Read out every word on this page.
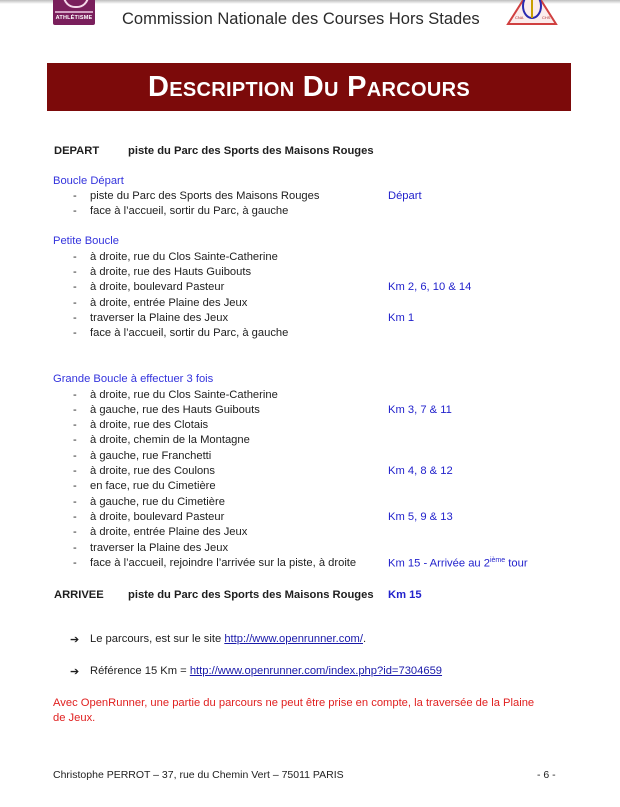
ATHLÉTISME Commission Nationale des Courses Hors Stades	CNA	CHS
Description Du Parcours
DEPART	piste du Parc des Sports des Maisons Rouges
Boucle Départ
- piste du Parc des Sports des Maisons Rouges	Départ
- face à l’accueil, sortir du Parc, à gauche
Petite Boucle
- à droite, rue du Clos Sainte-Catherine
- à droite, rue des Hauts Guibouts
- à droite, boulevard Pasteur	Km 2, 6, 10 & 14
- à droite, entrée Plaine des Jeux
- traverser la Plaine des Jeux	Km 1
- face à l’accueil, sortir du Parc, à gauche
Grande Boucle à effectuer 3 fois
- à droite, rue du Clos Sainte-Catherine
- à gauche, rue des Hauts Guibouts	Km 3, 7 & 11
- à droite, rue des Clotais
- à droite, chemin de la Montagne
- à gauche, rue Franchetti
- à droite, rue des Coulons	Km 4, 8 & 12
- en face, rue du Cimetière
- à gauche, rue du Cimetière
- à droite, boulevard Pasteur	Km 5, 9 & 13
- à droite, entrée Plaine des Jeux
- traverser la Plaine des Jeux
- face à l’accueil, rejoindre l’arrivée sur la piste, à droite	Km 15 - Arrivée au 2ième tour
ARRIVEE piste du Parc des Sports des Maisons Rouges Km 15
➔ Le parcours, est sur le site http://www.openrunner.com/.
➔ Référence 15 Km = http://www.openrunner.com/index.php?id=7304659
Avec OpenRunner, une partie du parcours ne peut être prise en compte, la traversée de la Plaine
de Jeux.
Christophe PERROT – 37, rue du Chemin Vert – 75011 PARIS	- 6 -
